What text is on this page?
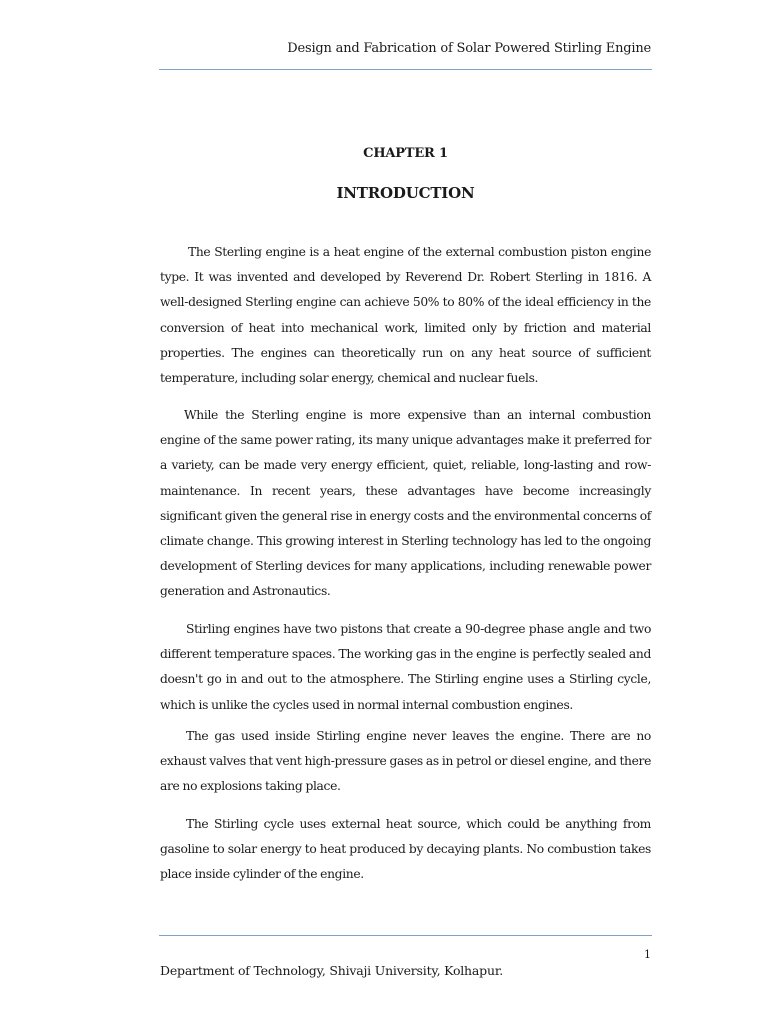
Design and Fabrication of Solar Powered Stirling Engine
CHAPTER 1
INTRODUCTION

The Sterling engine is a heat engine of the external combustion piston engine type. It was invented and developed by Reverend Dr. Robert Sterling in 1816. A well-designed Sterling engine can achieve 50% to 80% of the ideal efficiency in the conversion of heat into mechanical work, limited only by friction and material properties. The engines can theoretically run on any heat source of sufficient temperature, including solar energy, chemical and nuclear fuels.

While the Sterling engine is more expensive than an internal combustion engine of the same power rating, its many unique advantages make it preferred for a variety, can be made very energy efficient, quiet, reliable, long-lasting and row-maintenance. In recent years, these advantages have become increasingly significant given the general rise in energy costs and the environmental concerns of climate change. This growing interest in Sterling technology has led to the ongoing development of Sterling devices for many applications, including renewable power generation and Astronautics.

Stirling engines have two pistons that create a 90-degree phase angle and two different temperature spaces. The working gas in the engine is perfectly sealed and doesn't go in and out to the atmosphere. The Stirling engine uses a Stirling cycle, which is unlike the cycles used in normal internal combustion engines.

The gas used inside Stirling engine never leaves the engine. There are no exhaust valves that vent high-pressure gases as in petrol or diesel engine, and there are no explosions taking place.

The Stirling cycle uses external heat source, which could be anything from gasoline to solar energy to heat produced by decaying plants. No combustion takes place inside cylinder of the engine.

1
Department of Technology, Shivaji University, Kolhapur.
